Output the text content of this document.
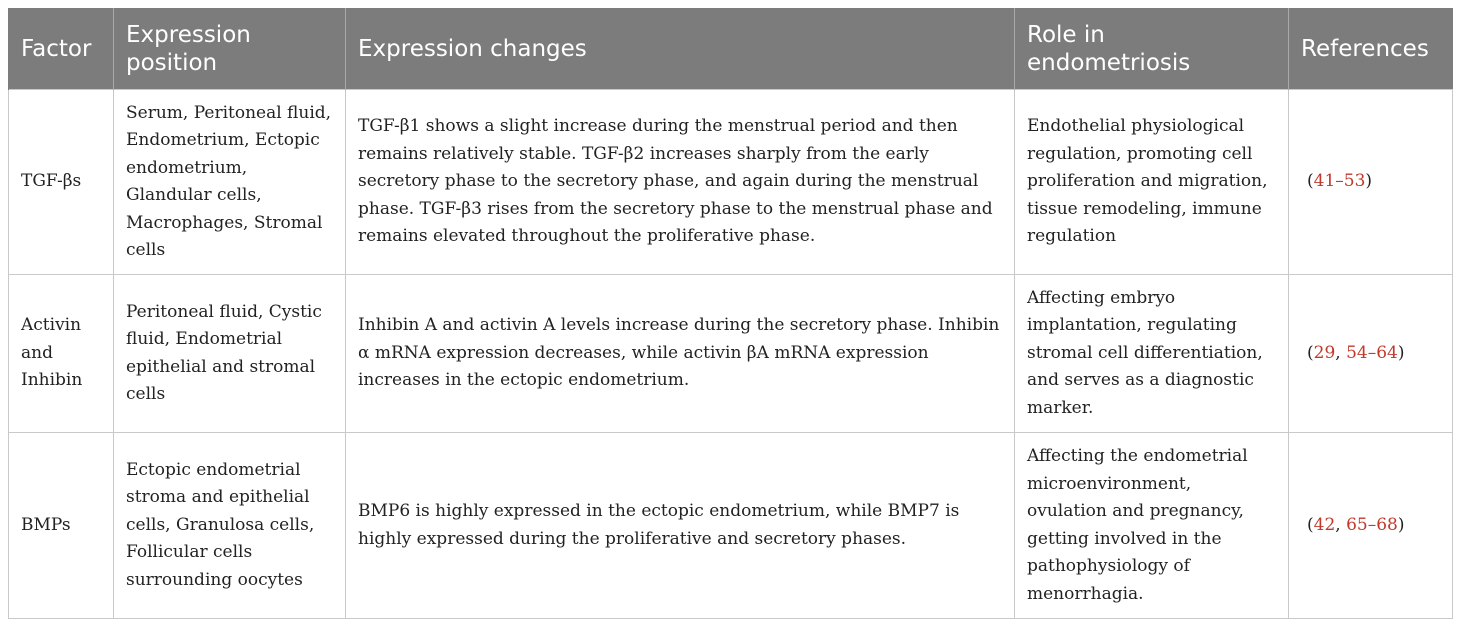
Factor	Expression position	Expression changes	Role in endometriosis	References
TGF-βs	Serum, Peritoneal fluid, Endometrium, Ectopic endometrium, Glandular cells, Macrophages, Stromal cells	TGF-β1 shows a slight increase during the menstrual period and then remains relatively stable. TGF-β2 increases sharply from the early secretory phase to the secretory phase, and again during the menstrual phase. TGF-β3 rises from the secretory phase to the menstrual phase and remains elevated throughout the proliferative phase.	Endothelial physiological regulation, promoting cell proliferation and migration, tissue remodeling, immune regulation	(41–53)
Activin and Inhibin	Peritoneal fluid, Cystic fluid, Endometrial epithelial and stromal cells	Inhibin A and activin A levels increase during the secretory phase. Inhibin α mRNA expression decreases, while activin βA mRNA expression increases in the ectopic endometrium.	Affecting embryo implantation, regulating stromal cell differentiation, and serves as a diagnostic marker.	(29, 54–64)
BMPs	Ectopic endometrial stroma and epithelial cells, Granulosa cells, Follicular cells surrounding oocytes	BMP6 is highly expressed in the ectopic endometrium, while BMP7 is highly expressed during the proliferative and secretory phases.	Affecting the endometrial microenvironment, ovulation and pregnancy, getting involved in the pathophysiology of menorrhagia.	(42, 65–68)
